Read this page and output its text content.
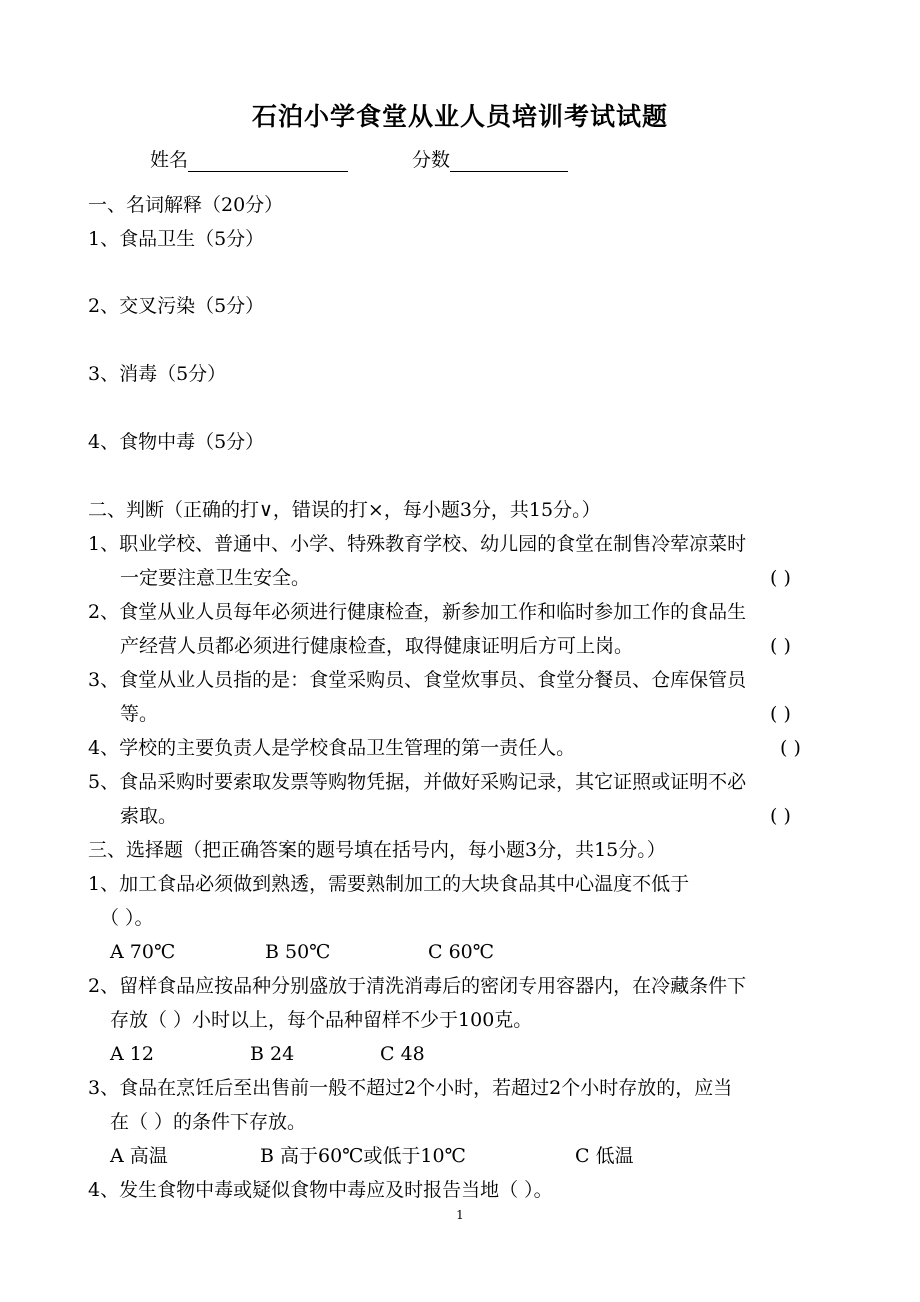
石泊小学食堂从业人员培训考试试题
姓名	分数
一、名词解释（20分）
1、食品卫生（5分）
2、交叉污染（5分）
3、消毒（5分）
4、食物中毒（5分）
二、判断（正确的打∨，错误的打×，每小题3分，共15分。）
1、职业学校、普通中、小学、特殊教育学校、幼儿园的食堂在制售冷荤凉菜时
一定要注意卫生安全。	( )
2、食堂从业人员每年必须进行健康检查，新参加工作和临时参加工作的食品生
产经营人员都必须进行健康检查，取得健康证明后方可上岗。	( )
3、食堂从业人员指的是：食堂采购员、食堂炊事员、食堂分餐员、仓库保管员
等。	( )
4、学校的主要负责人是学校食品卫生管理的第一责任人。	( )
5、食品采购时要索取发票等购物凭据，并做好采购记录，其它证照或证明不必
索取。	( )
三、选择题（把正确答案的题号填在括号内，每小题3分，共15分。）
1、加工食品必须做到熟透，需要熟制加工的大块食品其中心温度不低于
（ ）。
A 70℃	B 50℃	C 60℃
2、留样食品应按品种分别盛放于清洗消毒后的密闭专用容器内，在冷藏条件下
存放（ ）小时以上，每个品种留样不少于100克。
A 12	B 24	C 48
3、食品在烹饪后至出售前一般不超过2个小时，若超过2个小时存放的，应当
在（ ）的条件下存放。
A 高温	B 高于60℃或低于10℃	C 低温
4、发生食物中毒或疑似食物中毒应及时报告当地（ ）。
1
